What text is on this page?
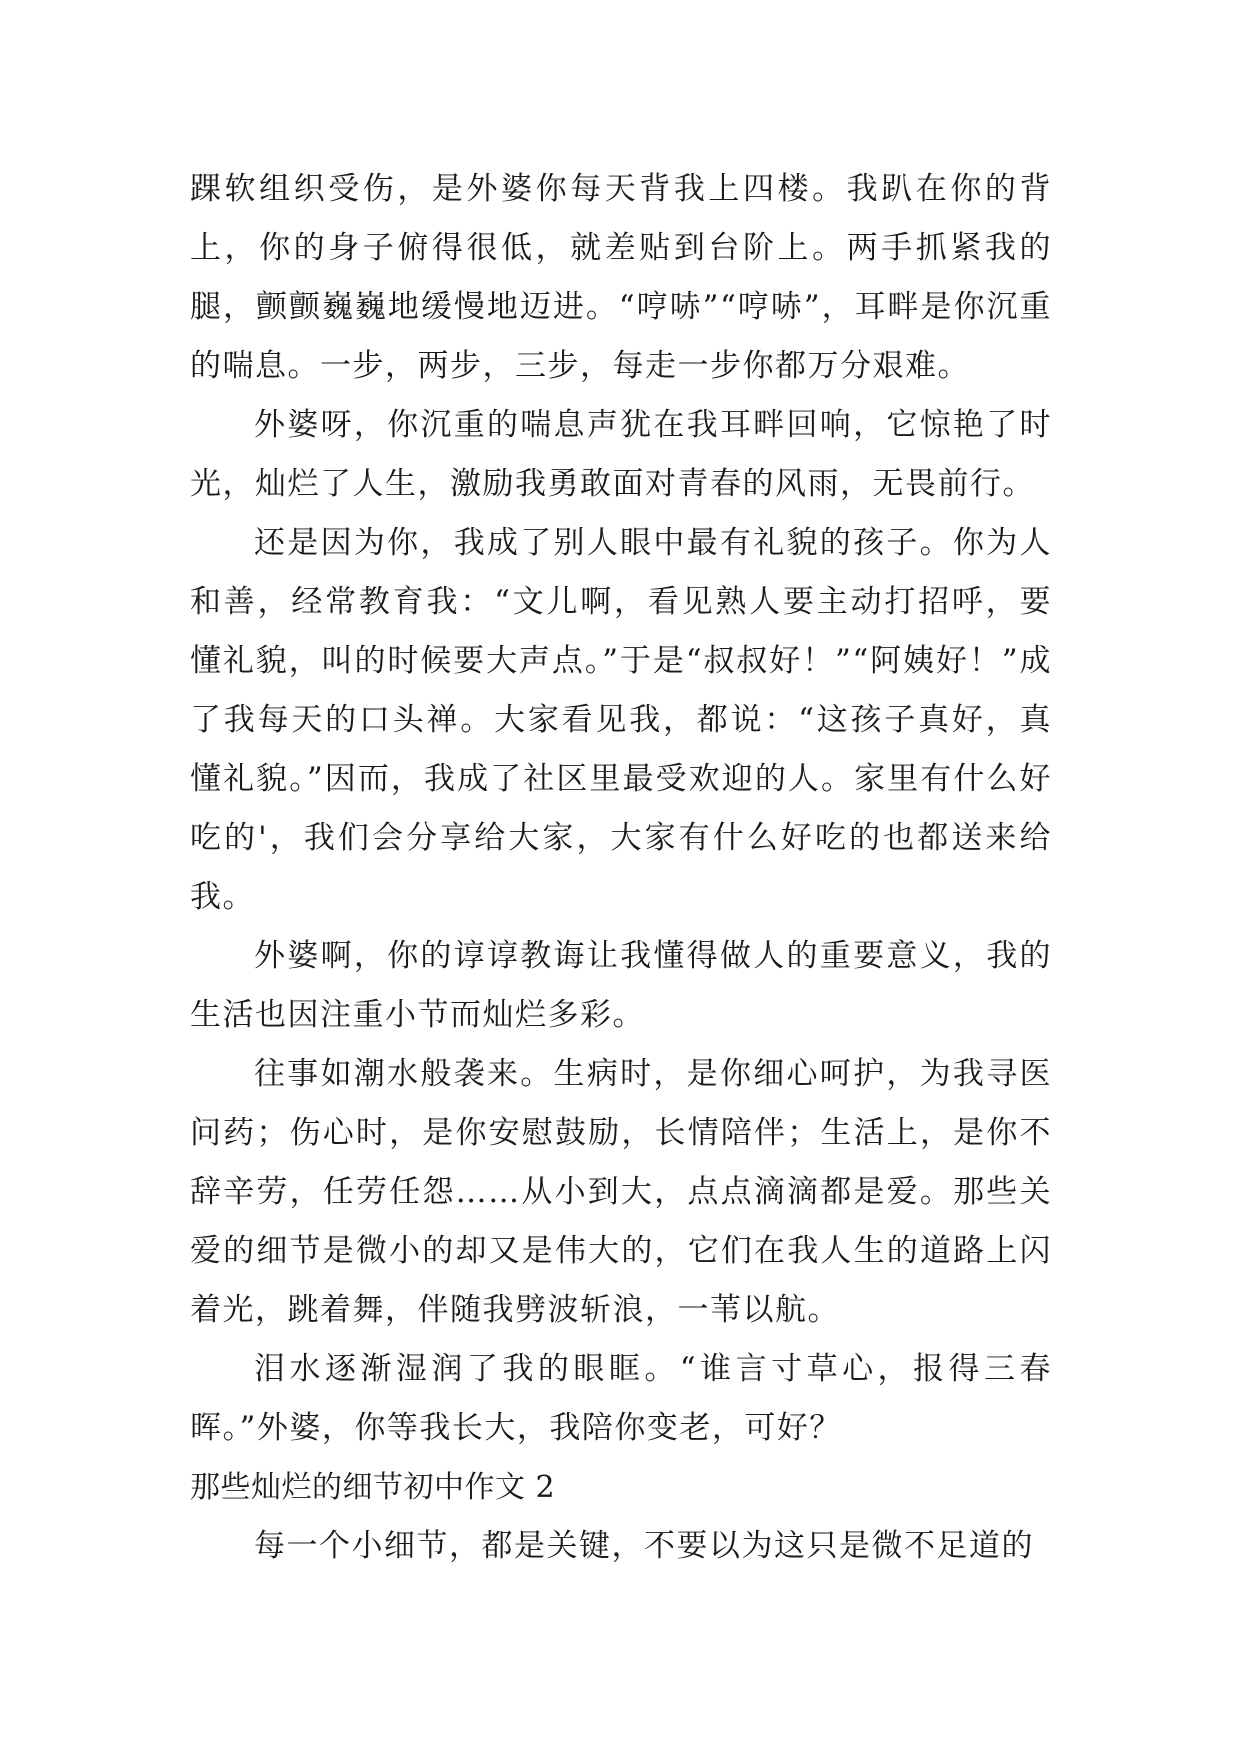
踝软组织受伤，是外婆你每天背我上四楼。我趴在你的背上，你的身子俯得很低，就差贴到台阶上。两手抓紧我的腿，颤颤巍巍地缓慢地迈进。“哼哧”“哼哧”，耳畔是你沉重的喘息。一步，两步，三步，每走一步你都万分艰难。

外婆呀，你沉重的喘息声犹在我耳畔回响，它惊艳了时光，灿烂了人生，激励我勇敢面对青春的风雨，无畏前行。

还是因为你，我成了别人眼中最有礼貌的孩子。你为人和善，经常教育我：“文儿啊，看见熟人要主动打招呼，要懂礼貌，叫的时候要大声点。”于是“叔叔好！”“阿姨好！”成了我每天的口头禅。大家看见我，都说：“这孩子真好，真懂礼貌。”因而，我成了社区里最受欢迎的人。家里有什么好吃的'，我们会分享给大家，大家有什么好吃的也都送来给我。

外婆啊，你的谆谆教诲让我懂得做人的重要意义，我的生活也因注重小节而灿烂多彩。

往事如潮水般袭来。生病时，是你细心呵护，为我寻医问药；伤心时，是你安慰鼓励，长情陪伴；生活上，是你不辞辛劳，任劳任怨……从小到大，点点滴滴都是爱。那些关爱的细节是微小的却又是伟大的，它们在我人生的道路上闪着光，跳着舞，伴随我劈波斩浪，一苇以航。

泪水逐渐湿润了我的眼眶。“谁言寸草心，报得三春晖。”外婆，你等我长大，我陪你变老，可好？

那些灿烂的细节初中作文 2

每一个小细节，都是关键，不要以为这只是微不足道的
